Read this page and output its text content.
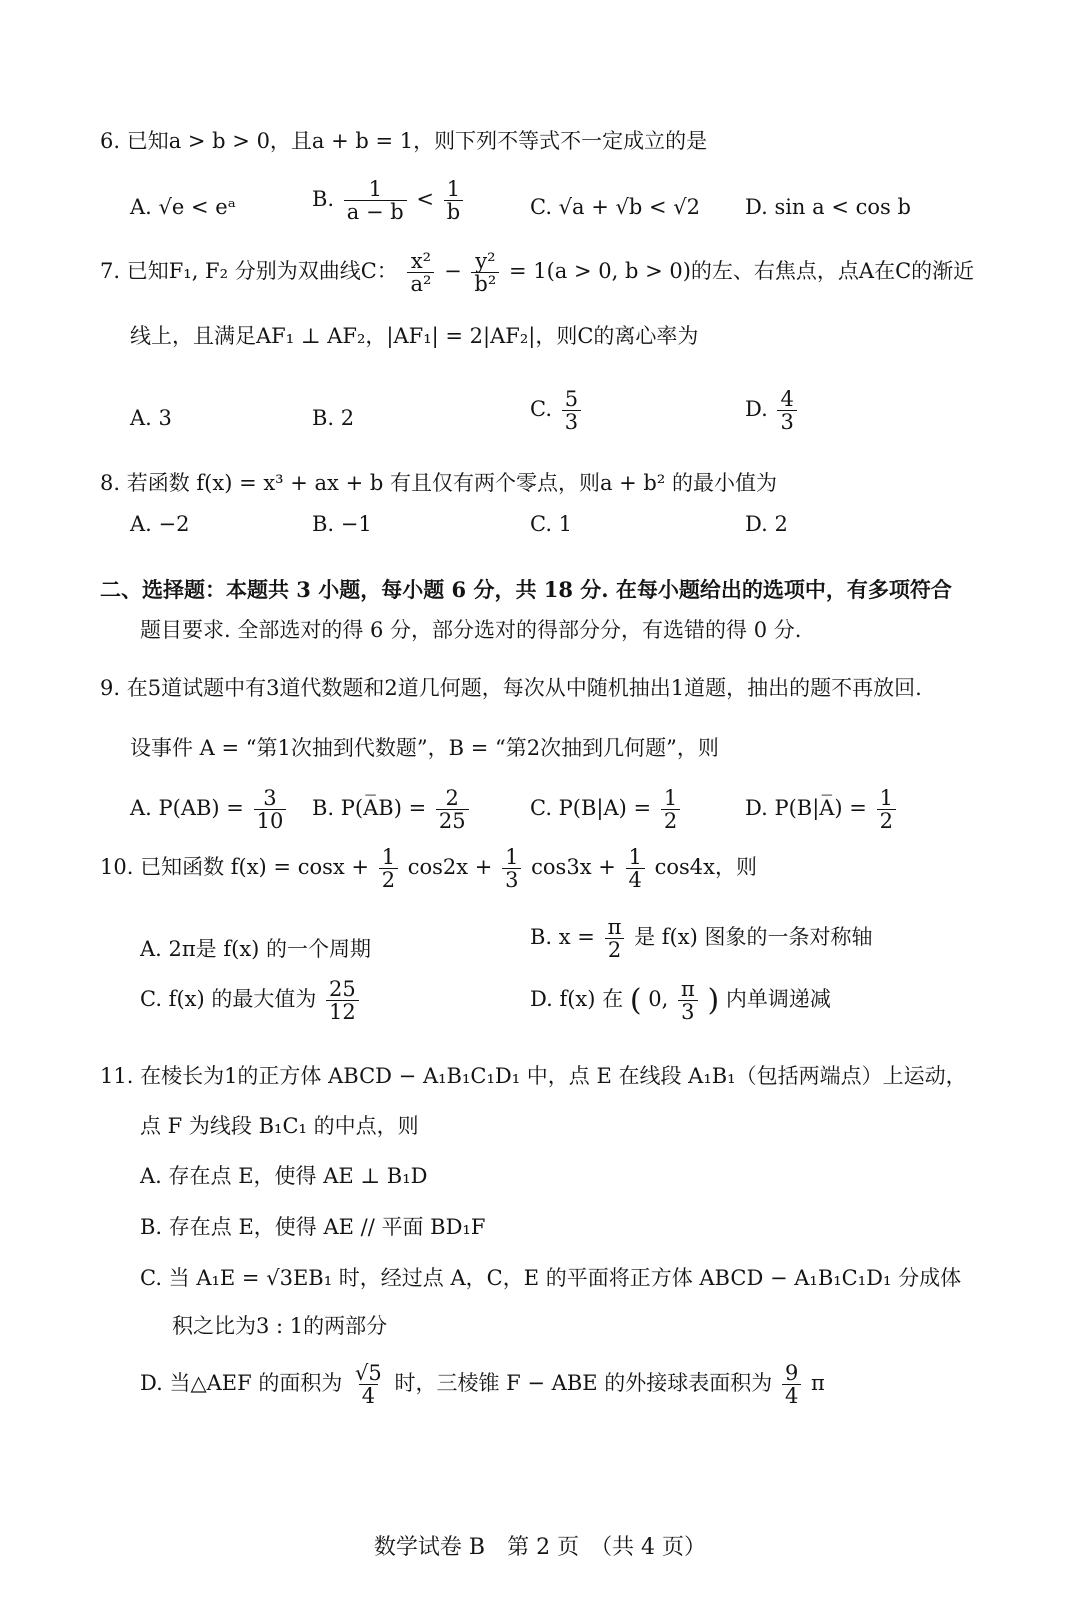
6. 已知a > b > 0，且a + b = 1，则下列不等式不一定成立的是
A. √e < eᵃ	B. $\frac{1}{a - b} < \frac{1}{b}$	C. √a + √b < √2 D. sin a < cos b
7. 已知F₁, F₂ 分别为双曲线C： $\frac{\text{x²}}{\text{a²}} - \frac{\text{y²}}{\text{b²}} = 1(a > 0$, b > 0)的左、右焦点，点A在C的渐近
线上，且满足AF₁ ⊥ AF₂，|AF₁| = 2|AF₂|，则C的离心率为
A. 3	B. 2	C. $\frac{5}{3}$	D. $\frac{4}{3}$
8. 若函数 f(x) = x³ + ax + b 有且仅有两个零点，则a + b² 的最小值为
A. −2	B. −1	C. 1	D. 2
二、选择题：本题共 3 小题，每小题 6 分，共 18 分. 在每小题给出的选项中，有多项符合
题目要求. 全部选对的得 6 分，部分选对的得部分分，有选错的得 0 分.
9. 在5道试题中有3道代数题和2道几何题，每次从中随机抽出1道题，抽出的题不再放回.
设事件 A = “第1次抽到代数题”，B = “第2次抽到几何题”，则
A. $P(AB) = \frac{3}{10} B$. P(A̅B) = $\frac{2}{25}$	C. $P(B|A) = \frac{1}{2}$	D. P(B|A̅) = $\frac{1}{2}$
10. 已知函数 $f(x) = \cos x + \frac{1}{2} \cos 2x + \frac{1}{3} \cos 3x + \frac{1}{4} \cos 4x$，则
A. 2π是 f(x) 的一个周期	B. $x = \frac{\pi}{2}$ 是 f(x) 图象的一条对称轴
C. f(x) 的最大值为 $\frac{25}{12}$	D. f(x) 在 ( 0, $\frac{\pi}{3}$ ) 内单调递减
11. 在棱长为1的正方体 ABCD − A₁B₁C₁D₁ 中，点 E 在线段 A₁B₁（包括两端点）上运动，
点 F 为线段 B₁C₁ 的中点，则
A. 存在点 E，使得 AE ⊥ B₁D
B. 存在点 E，使得 AE // 平面 BD₁F
C. 当 A₁E = √3EB₁ 时，经过点 A，C，E 的平面将正方体 ABCD − A₁B₁C₁D₁ 分成体
积之比为3 : 1的两部分
D. 当△AEF 的面积为 $\frac{√5}{4}$ 时，三棱锥 F − ABE 的外接球表面积为 $\frac{9}{4}$ π
数学试卷 B　第 2 页　（共 4 页）
